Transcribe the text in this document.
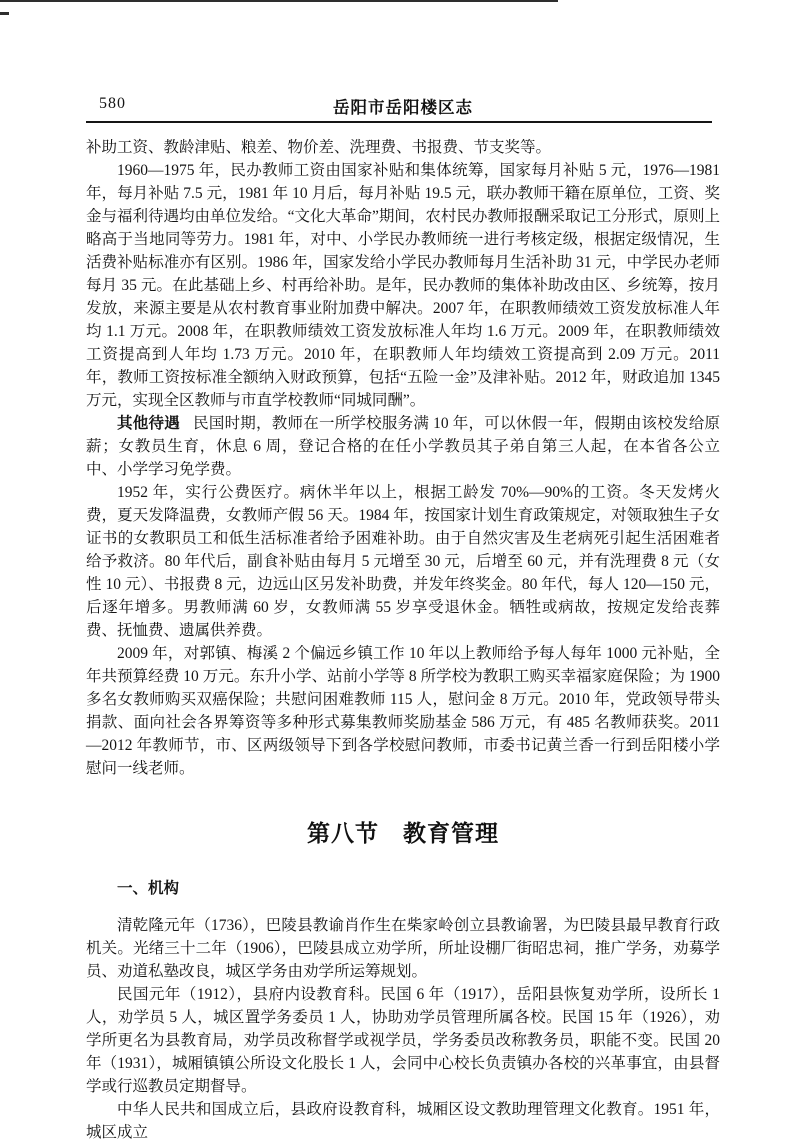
580	岳阳市岳阳楼区志

补助工资、教龄津贴、粮差、物价差、洗理费、书报费、节支奖等。

1960—1975 年，民办教师工资由国家补贴和集体统筹，国家每月补贴 5 元，1976—1981 年，每月补贴 7.5 元，1981 年 10 月后，每月补贴 19.5 元，联办教师干籍在原单位，工资、奖金与福利待遇均由单位发给。“文化大革命”期间，农村民办教师报酬采取记工分形式，原则上略高于当地同等劳力。1981 年，对中、小学民办教师统一进行考核定级，根据定级情况，生活费补贴标准亦有区别。1986 年，国家发给小学民办教师每月生活补助 31 元，中学民办老师每月 35 元。在此基础上乡、村再给补助。是年，民办教师的集体补助改由区、乡统筹，按月发放，来源主要是从农村教育事业附加费中解决。2007 年，在职教师绩效工资发放标准人年均 1.1 万元。2008 年，在职教师绩效工资发放标准人年均 1.6 万元。2009 年，在职教师绩效工资提高到人年均 1.73 万元。2010 年，在职教师人年均绩效工资提高到 2.09 万元。2011 年，教师工资按标准全额纳入财政预算，包括“五险一金”及津补贴。2012 年，财政追加 1345 万元，实现全区教师与市直学校教师“同城同酬”。

其他待遇 民国时期，教师在一所学校服务满 10 年，可以休假一年，假期由该校发给原薪；女教员生育，休息 6 周，登记合格的在任小学教员其子弟自第三人起，在本省各公立中、小学学习免学费。

1952 年，实行公费医疗。病休半年以上，根据工龄发 70%—90%的工资。冬天发烤火费，夏天发降温费，女教师产假 56 天。1984 年，按国家计划生育政策规定，对领取独生子女证书的女教职员工和低生活标准者给予困难补助。由于自然灾害及生老病死引起生活困难者给予救济。80 年代后，副食补贴由每月 5 元增至 30 元，后增至 60 元，并有洗理费 8 元（女性 10 元）、书报费 8 元，边远山区另发补助费，并发年终奖金。80 年代，每人 120—150 元，后逐年增多。男教师满 60 岁，女教师满 55 岁享受退休金。牺牲或病故，按规定发给丧葬费、抚恤费、遗属供养费。

2009 年，对郭镇、梅溪 2 个偏远乡镇工作 10 年以上教师给予每人每年 1000 元补贴，全年共预算经费 10 万元。东升小学、站前小学等 8 所学校为教职工购买幸福家庭保险；为 1900 多名女教师购买双癌保险；共慰问困难教师 115 人，慰问金 8 万元。2010 年，党政领导带头捐款、面向社会各界筹资等多种形式募集教师奖励基金 586 万元，有 485 名教师获奖。2011—2012 年教师节，市、区两级领导下到各学校慰问教师，市委书记黄兰香一行到岳阳楼小学慰问一线老师。

第八节　教育管理
一、机构

清乾隆元年（1736），巴陵县教谕肖作生在柴家岭创立县教谕署，为巴陵县最早教育行政机关。光绪三十二年（1906），巴陵县成立劝学所，所址设棚厂街昭忠祠，推广学务，劝募学员、劝道私塾改良，城区学务由劝学所运筹规划。

民国元年（1912），县府内设教育科。民国 6 年（1917），岳阳县恢复劝学所，设所长 1 人，劝学员 5 人，城区置学务委员 1 人，协助劝学员管理所属各校。民国 15 年（1926），劝学所更名为县教育局，劝学员改称督学或视学员，学务委员改称教务员，职能不变。民国 20 年（1931），城厢镇镇公所设文化股长 1 人，会同中心校长负责镇办各校的兴革事宜，由县督学或行巡教员定期督导。

中华人民共和国成立后，县政府设教育科，城厢区设文教助理管理文化教育。1951 年，城区成立
